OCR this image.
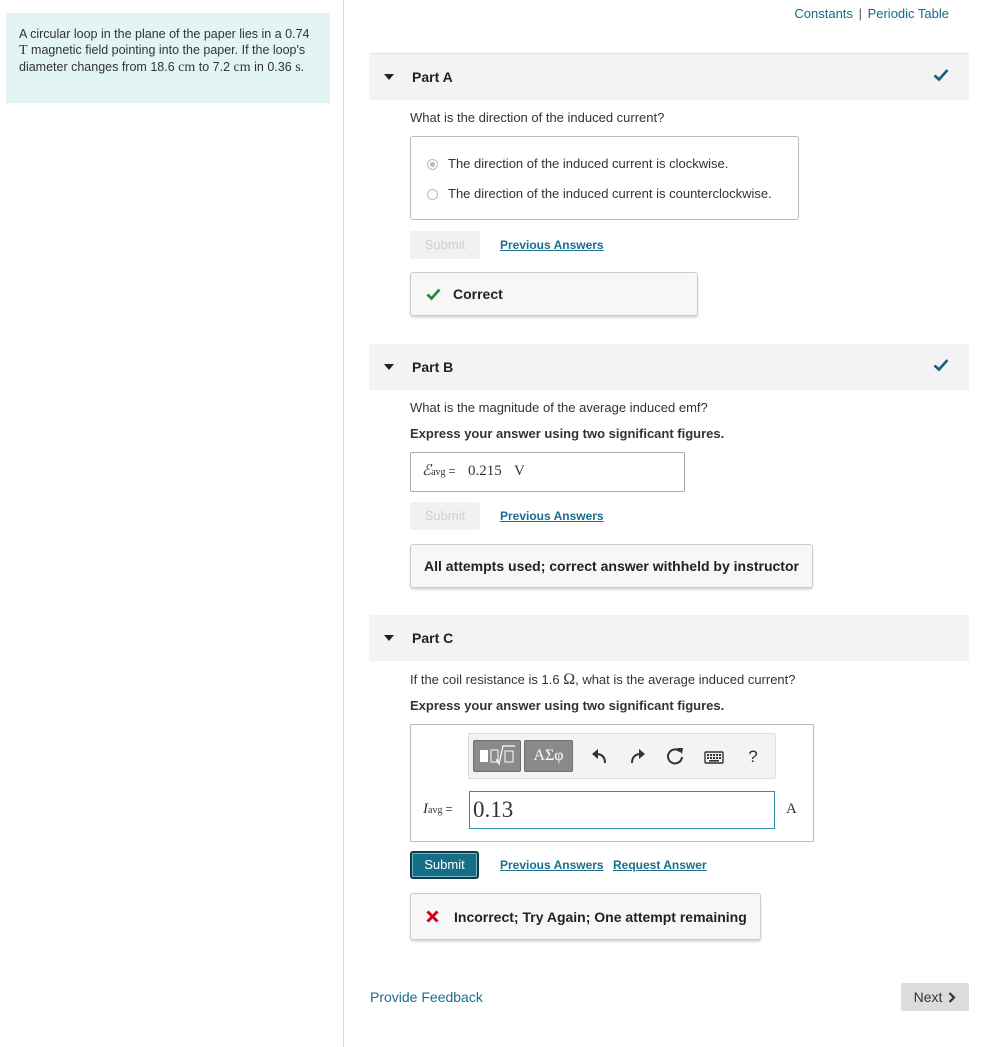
A circular loop in the plane of the paper lies in a 0.74 T magnetic field pointing into the paper. If the loop's diameter changes from 18.6 cm to 7.2 cm in 0.36 s.
Constants | Periodic Table
Part A
What is the direction of the induced current?
The direction of the induced current is clockwise.
The direction of the induced current is counterclockwise.
Submit	Previous Answers
Correct
Part B
What is the magnitude of the average induced emf?
Express your answer using two significant figures.
ℰavg = 0.215 V
Submit	Previous Answers
All attempts used; correct answer withheld by instructor
Part C
If the coil resistance is 1.6 Ω, what is the average induced current?
Express your answer using two significant figures.
ΑΣφ	?
Iavg = 0.13	A
Submit	Previous Answers Request Answer
Incorrect; Try Again; One attempt remaining
Provide Feedback	Next
